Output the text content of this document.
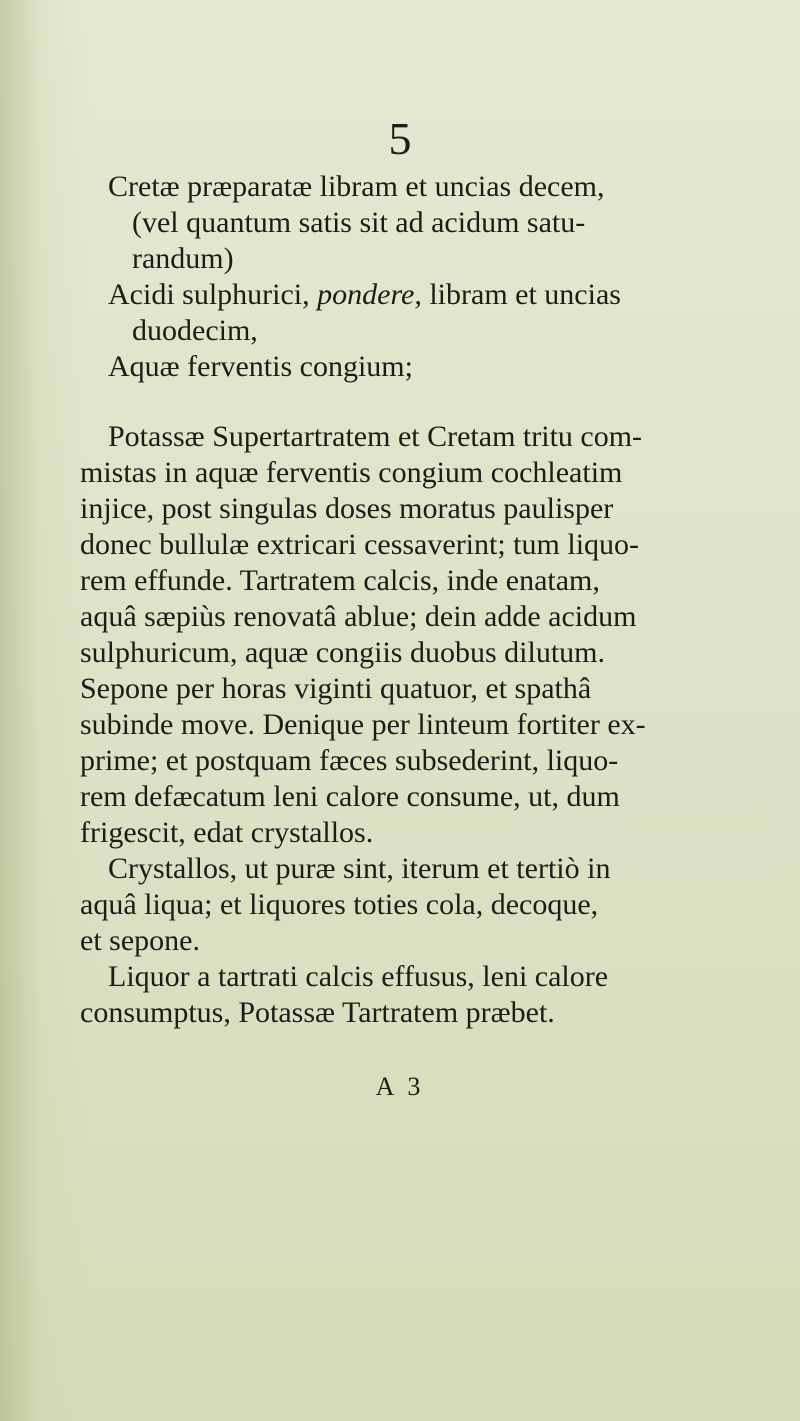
5
Cretæ præparatæ libram et uncias decem,
(vel quantum satis sit ad acidum satu-
randum)
Acidi sulphurici, pondere, libram et uncias
duodecim,
Aquæ ferventis congium;
Potassæ Supertartratem et Cretam tritu com-
mistas in aquæ ferventis congium cochleatim
injice, post singulas doses moratus paulisper
donec bullulæ extricari cessaverint; tum liquo-
rem effunde. Tartratem calcis, inde enatam,
aquâ sæpiùs renovatâ ablue; dein adde acidum
sulphuricum, aquæ congiis duobus dilutum.
Sepone per horas viginti quatuor, et spathâ
subinde move. Denique per linteum fortiter ex-
prime; et postquam fæces subsederint, liquo-
rem defæcatum leni calore consume, ut, dum
frigescit, edat crystallos.
Crystallos, ut puræ sint, iterum et tertiò in
aquâ liqua; et liquores toties cola, decoque,
et sepone.
Liquor a tartrati calcis effusus, leni calore
consumptus, Potassæ Tartratem præbet.
A 3
